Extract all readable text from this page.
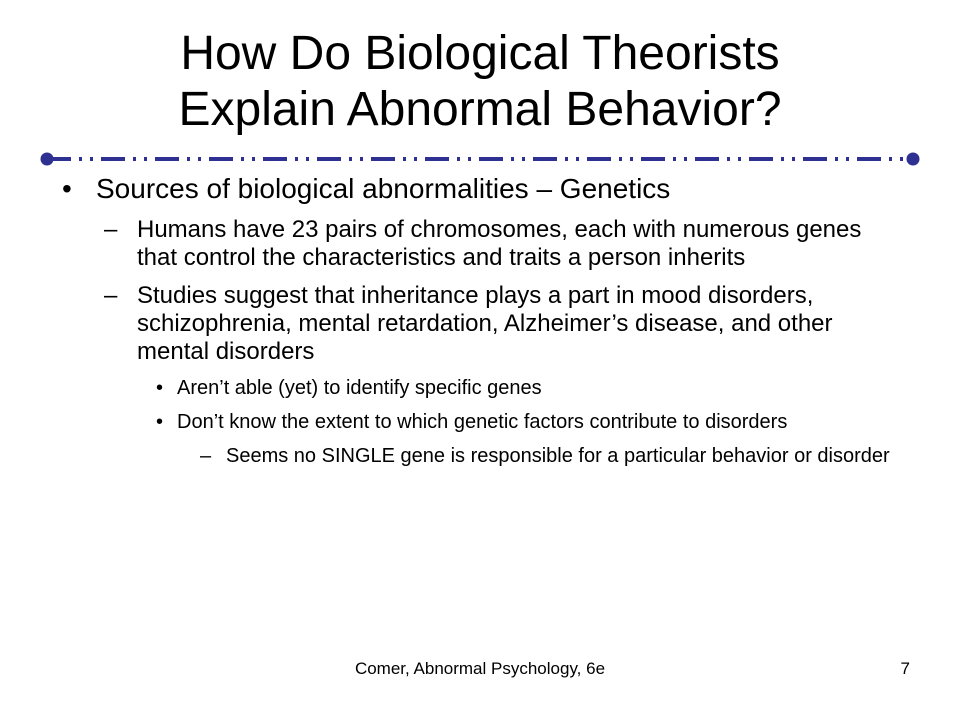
How Do Biological Theorists
Explain Abnormal Behavior?

• Sources of biological abnormalities – Genetics

– Humans have 23 pairs of chromosomes, each with numerous genes that control the characteristics and traits a person inherits

– Studies suggest that inheritance plays a part in mood disorders, schizophrenia, mental retardation, Alzheimer’s disease, and other mental disorders

• Aren’t able (yet) to identify specific genes

• Don’t know the extent to which genetic factors contribute to disorders

– Seems no SINGLE gene is responsible for a particular behavior or disorder

Comer, Abnormal Psychology, 6e	7
